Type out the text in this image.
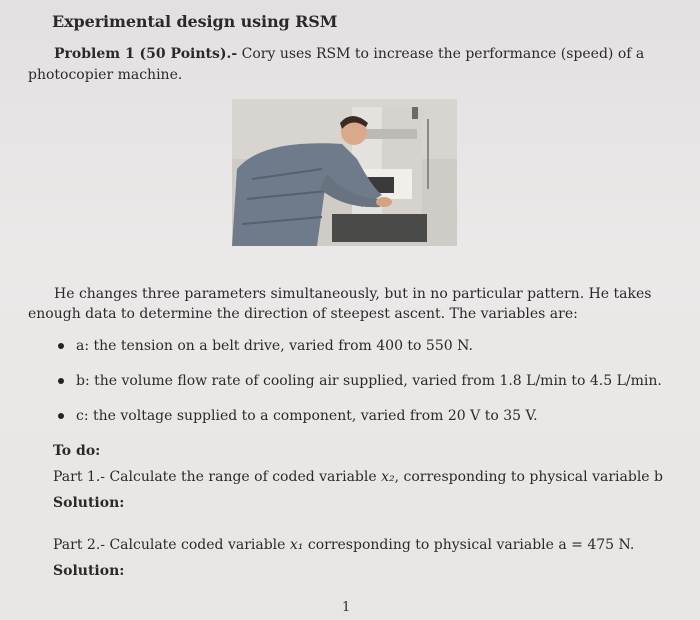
Experimental design using RSM
Problem 1 (50 Points).- Cory uses RSM to increase the performance (speed) of a
photocopier machine.
He changes three parameters simultaneously, but in no particular pattern. He takes
enough data to determine the direction of steepest ascent. The variables are:
a: the tension on a belt drive, varied from 400 to 550 N.
b: the volume flow rate of cooling air supplied, varied from 1.8 L/min to 4.5 L/min.
c: the voltage supplied to a component, varied from 20 V to 35 V.
To do:
Part 1.- Calculate the range of coded variable x₂, corresponding to physical variable b
Solution:
Part 2.- Calculate coded variable x₁ corresponding to physical variable a = 475 N.
Solution:
1
